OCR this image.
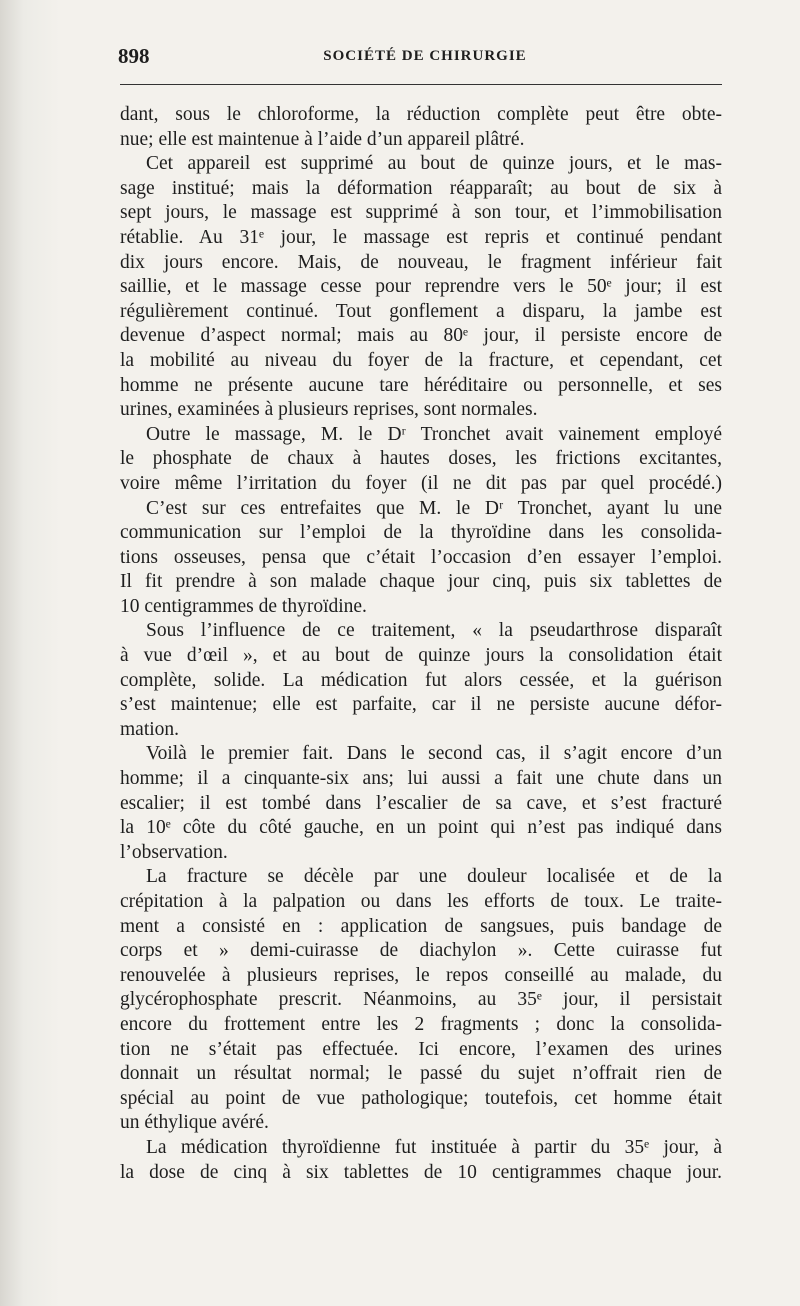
898	SOCIÉTÉ DE CHIRURGIE
dant, sous le chloroforme, la réduction complète peut être obte-
nue; elle est maintenue à l’aide d’un appareil plâtré.
Cet appareil est supprimé au bout de quinze jours, et le mas-
sage institué; mais la déformation réapparaît; au bout de six à
sept jours, le massage est supprimé à son tour, et l’immobilisation
rétablie. Au 31ᵉ jour, le massage est repris et continué pendant
dix jours encore. Mais, de nouveau, le fragment inférieur fait
saillie, et le massage cesse pour reprendre vers le 50ᵉ jour; il est
régulièrement continué. Tout gonflement a disparu, la jambe est
devenue d’aspect normal; mais au 80ᵉ jour, il persiste encore de
la mobilité au niveau du foyer de la fracture, et cependant, cet
homme ne présente aucune tare héréditaire ou personnelle, et ses
urines, examinées à plusieurs reprises, sont normales.
Outre le massage, M. le Dʳ Tronchet avait vainement employé
le phosphate de chaux à hautes doses, les frictions excitantes,
voire même l’irritation du foyer (il ne dit pas par quel procédé.)
C’est sur ces entrefaites que M. le Dʳ Tronchet, ayant lu une
communication sur l’emploi de la thyroïdine dans les consolida-
tions osseuses, pensa que c’était l’occasion d’en essayer l’emploi.
Il fit prendre à son malade chaque jour cinq, puis six tablettes de
10 centigrammes de thyroïdine.
Sous l’influence de ce traitement, « la pseudarthrose disparaît
à vue d’œil », et au bout de quinze jours la consolidation était
complète, solide. La médication fut alors cessée, et la guérison
s’est maintenue; elle est parfaite, car il ne persiste aucune défor-
mation.
Voilà le premier fait. Dans le second cas, il s’agit encore d’un
homme; il a cinquante-six ans; lui aussi a fait une chute dans un
escalier; il est tombé dans l’escalier de sa cave, et s’est fracturé
la 10ᵉ côte du côté gauche, en un point qui n’est pas indiqué dans
l’observation.
La fracture se décèle par une douleur localisée et de la
crépitation à la palpation ou dans les efforts de toux. Le traite-
ment a consisté en : application de sangsues, puis bandage de
corps et » demi-cuirasse de diachylon ». Cette cuirasse fut
renouvelée à plusieurs reprises, le repos conseillé au malade, du
glycérophosphate prescrit. Néanmoins, au 35ᵉ jour, il persistait
encore du frottement entre les 2 fragments ; donc la consolida-
tion ne s’était pas effectuée. Ici encore, l’examen des urines
donnait un résultat normal; le passé du sujet n’offrait rien de
spécial au point de vue pathologique; toutefois, cet homme était
un éthylique avéré.
La médication thyroïdienne fut instituée à partir du 35ᵉ jour, à
la dose de cinq à six tablettes de 10 centigrammes chaque jour.
